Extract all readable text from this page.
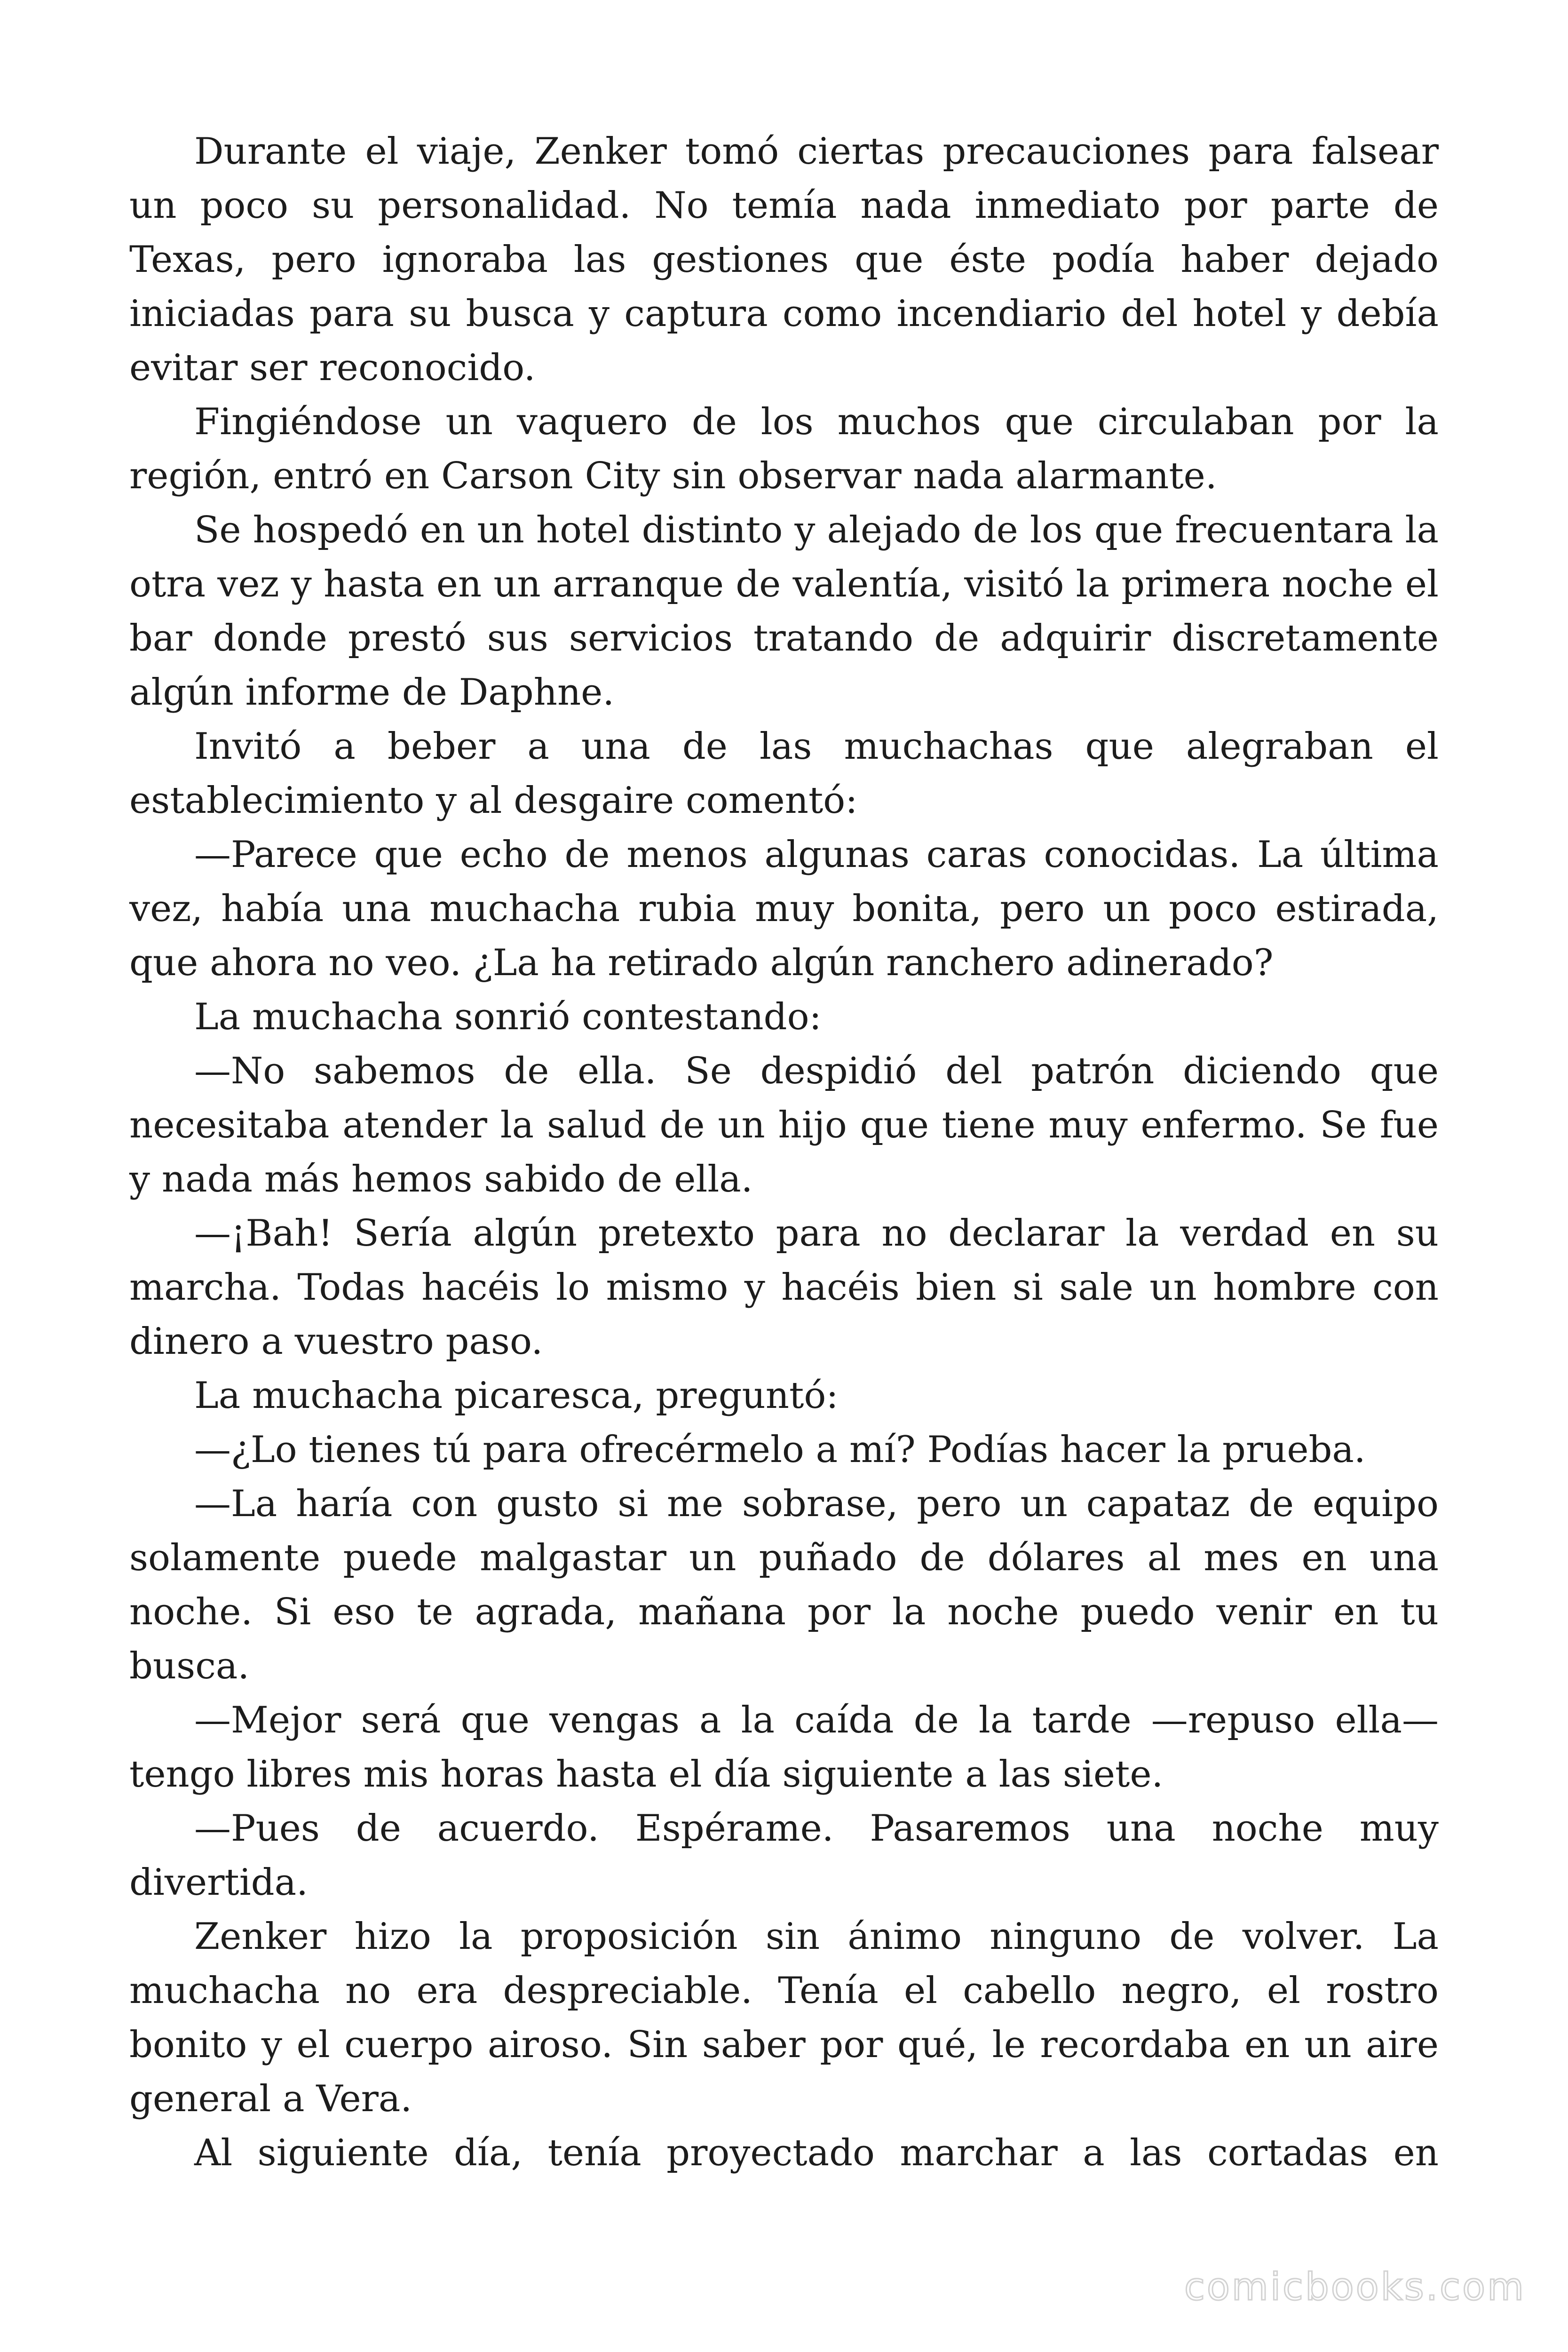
Durante el viaje, Zenker tomó ciertas precauciones para falsear un poco su personalidad. No temía nada inmediato por parte de Texas, pero ignoraba las gestiones que éste podía haber dejado iniciadas para su busca y captura como incendiario del hotel y debía evitar ser reconocido.

Fingiéndose un vaquero de los muchos que circulaban por la región, entró en Carson City sin observar nada alarmante.

Se hospedó en un hotel distinto y alejado de los que frecuentara la otra vez y hasta en un arranque de valentía, visitó la primera noche el bar donde prestó sus servicios tratando de adquirir discretamente algún informe de Daphne.

Invitó a beber a una de las muchachas que alegraban el establecimiento y al desgaire comentó:

—Parece que echo de menos algunas caras conocidas. La última vez, había una muchacha rubia muy bonita, pero un poco estirada, que ahora no veo. ¿La ha retirado algún ranchero adinerado?

La muchacha sonrió contestando:

—No sabemos de ella. Se despidió del patrón diciendo que necesitaba atender la salud de un hijo que tiene muy enfermo. Se fue y nada más hemos sabido de ella.

—¡Bah! Sería algún pretexto para no declarar la verdad en su marcha. Todas hacéis lo mismo y hacéis bien si sale un hombre con dinero a vuestro paso.

La muchacha picaresca, preguntó:

—¿Lo tienes tú para ofrecérmelo a mí? Podías hacer la prueba.

—La haría con gusto si me sobrase, pero un capataz de equipo solamente puede malgastar un puñado de dólares al mes en una noche. Si eso te agrada, mañana por la noche puedo venir en tu busca.

—Mejor será que vengas a la caída de la tarde —repuso ella— tengo libres mis horas hasta el día siguiente a las siete.

—Pues de acuerdo. Espérame. Pasaremos una noche muy divertida.

Zenker hizo la proposición sin ánimo ninguno de volver. La muchacha no era despreciable. Tenía el cabello negro, el rostro bonito y el cuerpo airoso. Sin saber por qué, le recordaba en un aire general a Vera.

Al siguiente día, tenía proyectado marchar a las cortadas en

comicbooks.com
